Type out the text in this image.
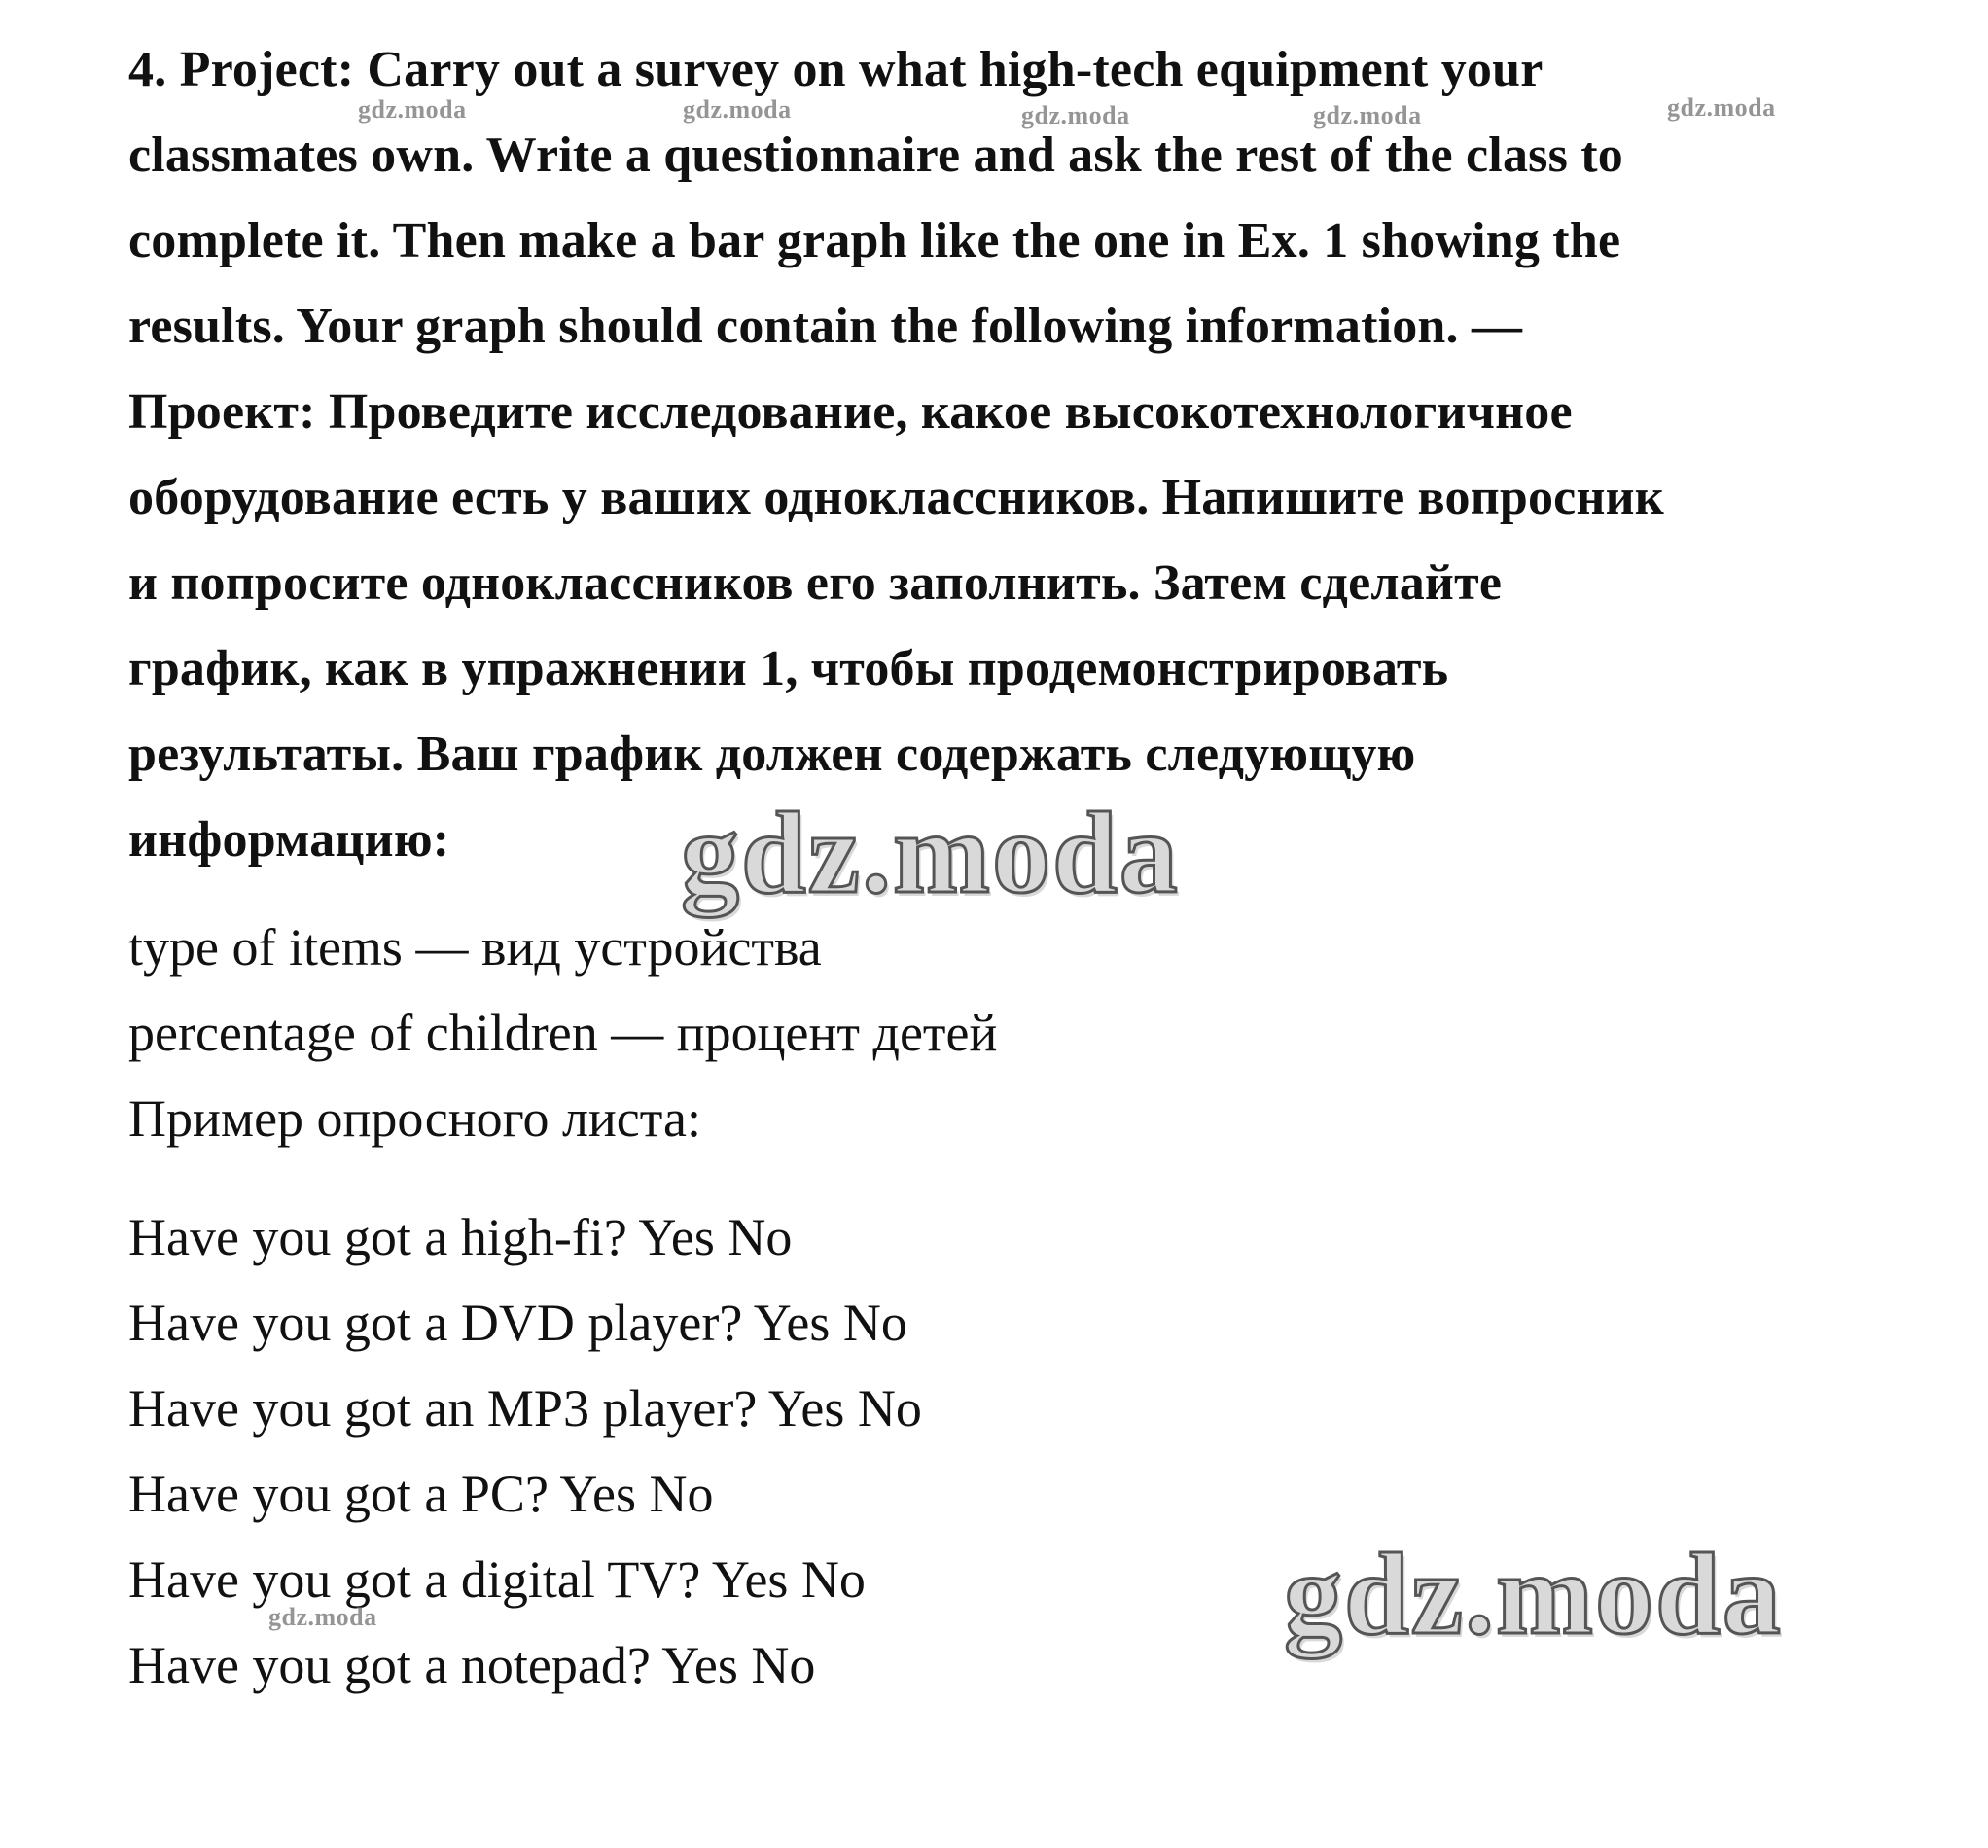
4. Project: Carry out a survey on what high-tech equipment your
classmates own. Write a questionnaire and ask the rest of the class to
complete it. Then make a bar graph like the one in Ex. 1 showing the
results. Your graph should contain the following information. —
Проект: Проведите исследование, какое высокотехнологичное
оборудование есть у ваших одноклассников. Напишите вопросник
и попросите одноклассников его заполнить. Затем сделайте
график, как в упражнении 1, чтобы продемонстрировать
результаты. Ваш график должен содержать следующую
информацию:
type of items — вид устройства
percentage of children — процент детей
Пример опросного листа:
Have you got a high-fi? Yes No
Have you got a DVD player? Yes No
Have you got an MP3 player? Yes No
Have you got a PC? Yes No
Have you got a digital TV? Yes No
Have you got a notepad? Yes No
gdz.moda	gdz.moda	gdz.moda	gdz.moda	gdz.moda
gdz.moda
gdz.moda
gdz.moda
